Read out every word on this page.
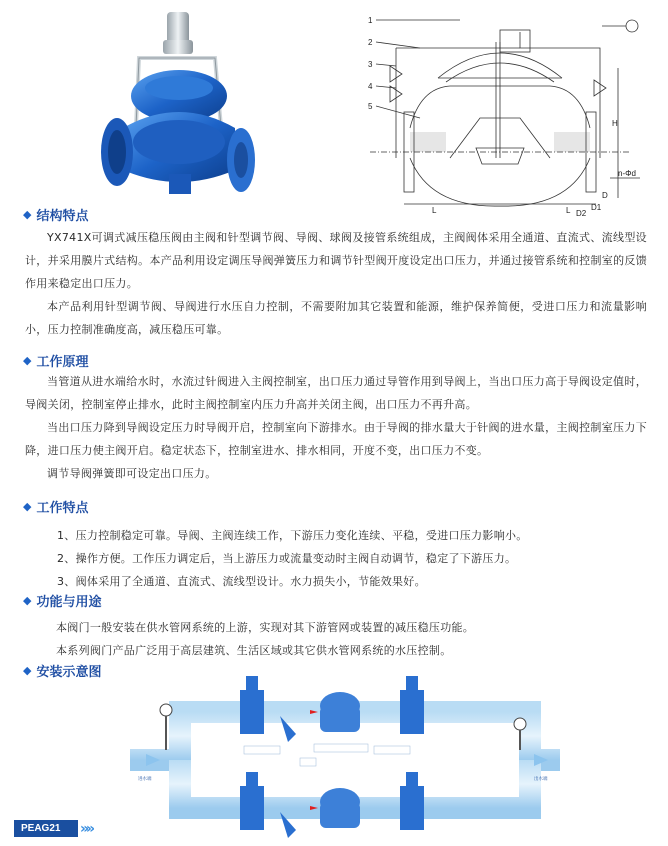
1
2
3
4
5
L	L
H
n-Φd
D
D1
D2
◆ 结构特点
YX741X可调式减压稳压阀由主阀和针型调节阀、导阀、球阀及接管系统组成，主阀阀体采用全通道、直流式、流线型设计，并采用膜片式结构。本产品利用设定调压导阀弹簧压力和调节针型阀开度设定出口压力，并通过接管系统和控制室的反馈作用来稳定出口压力。
本产品利用针型调节阀、导阀进行水压自力控制，不需要附加其它装置和能源，维护保养简便，受进口压力和流量影响小，压力控制准确度高，减压稳压可靠。
◆ 工作原理
当管道从进水端给水时，水流过针阀进入主阀控制室，出口压力通过导管作用到导阀上，当出口压力高于导阀设定值时，导阀关闭，控制室停止排水，此时主阀控制室内压力升高并关闭主阀，出口压力不再升高。
当出口压力降到导阀设定压力时导阀开启，控制室向下游排水。由于导阀的排水量大于针阀的进水量，主阀控制室压力下降，进口压力使主阀开启。稳定状态下，控制室进水、排水相同，开度不变，出口压力不变。
调节导阀弹簧即可设定出口压力。
◆ 工作特点
1、压力控制稳定可靠。导阀、主阀连续工作，下游压力变化连续、平稳，受进口压力影响小。
2、操作方便。工作压力调定后，当上游压力或流量变动时主阀自动调节，稳定了下游压力。
3、阀体采用了全通道、直流式、流线型设计。水力损失小，节能效果好。
◆ 功能与用途
本阀门一般安装在供水管网系统的上游，实现对其下游管网或装置的减压稳压功能。
本系列阀门产品广泛用于高层建筑、生活区域或其它供水管网系统的水压控制。
◆ 安装示意图
进水端	出水端
PEAG21 »»
